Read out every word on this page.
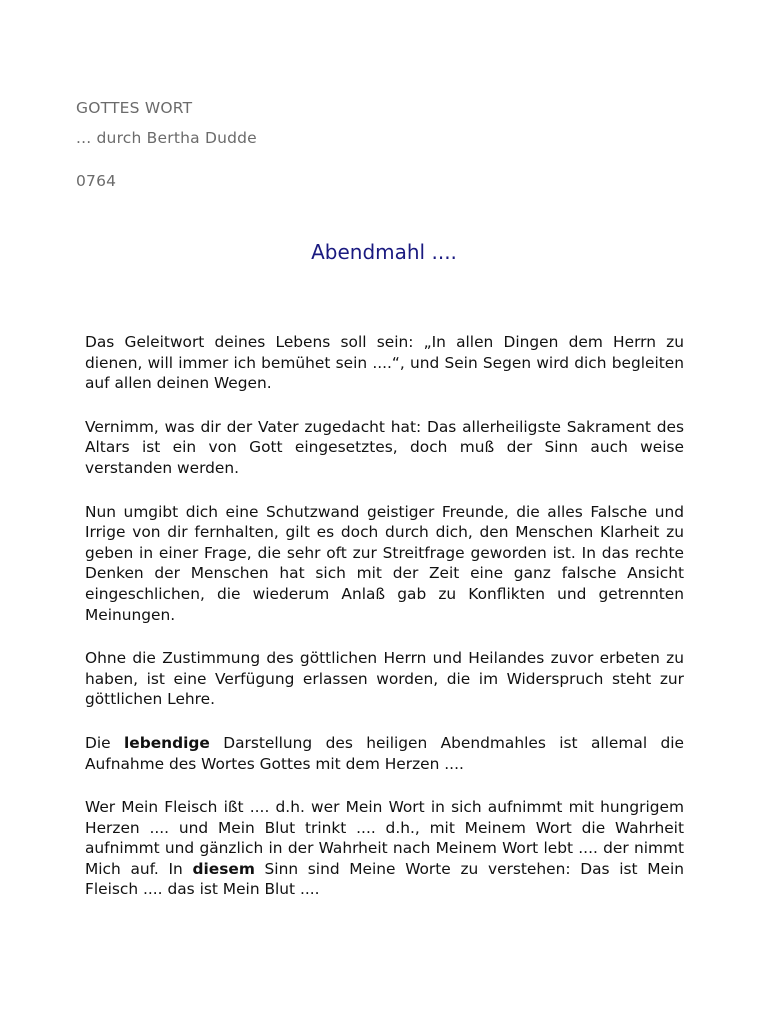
GOTTES WORT

... durch Bertha Dudde

0764

Abendmahl ....

Das Geleitwort deines Lebens soll sein: „In allen Dingen dem Herrn zu dienen, will immer ich bemühet sein ....“, und Sein Segen wird dich begleiten auf allen deinen Wegen.

Vernimm, was dir der Vater zugedacht hat: Das allerheiligste Sakrament des Altars ist ein von Gott eingesetztes, doch muß der Sinn auch weise verstanden werden.

Nun umgibt dich eine Schutzwand geistiger Freunde, die alles Falsche und Irrige von dir fernhalten, gilt es doch durch dich, den Menschen Klarheit zu geben in einer Frage, die sehr oft zur Streitfrage geworden ist. In das rechte Denken der Menschen hat sich mit der Zeit eine ganz falsche Ansicht eingeschlichen, die wiederum Anlaß gab zu Konflikten und getrennten Meinungen.

Ohne die Zustimmung des göttlichen Herrn und Heilandes zuvor erbeten zu haben, ist eine Verfügung erlassen worden, die im Widerspruch steht zur göttlichen Lehre.

Die lebendige Darstellung des heiligen Abendmahles ist allemal die Aufnahme des Wortes Gottes mit dem Herzen ....

Wer Mein Fleisch ißt .... d.h. wer Mein Wort in sich aufnimmt mit hungrigem Herzen .... und Mein Blut trinkt .... d.h., mit Meinem Wort die Wahrheit aufnimmt und gänzlich in der Wahrheit nach Meinem Wort lebt .... der nimmt Mich auf. In diesem Sinn sind Meine Worte zu verstehen: Das ist Mein Fleisch .... das ist Mein Blut ....
